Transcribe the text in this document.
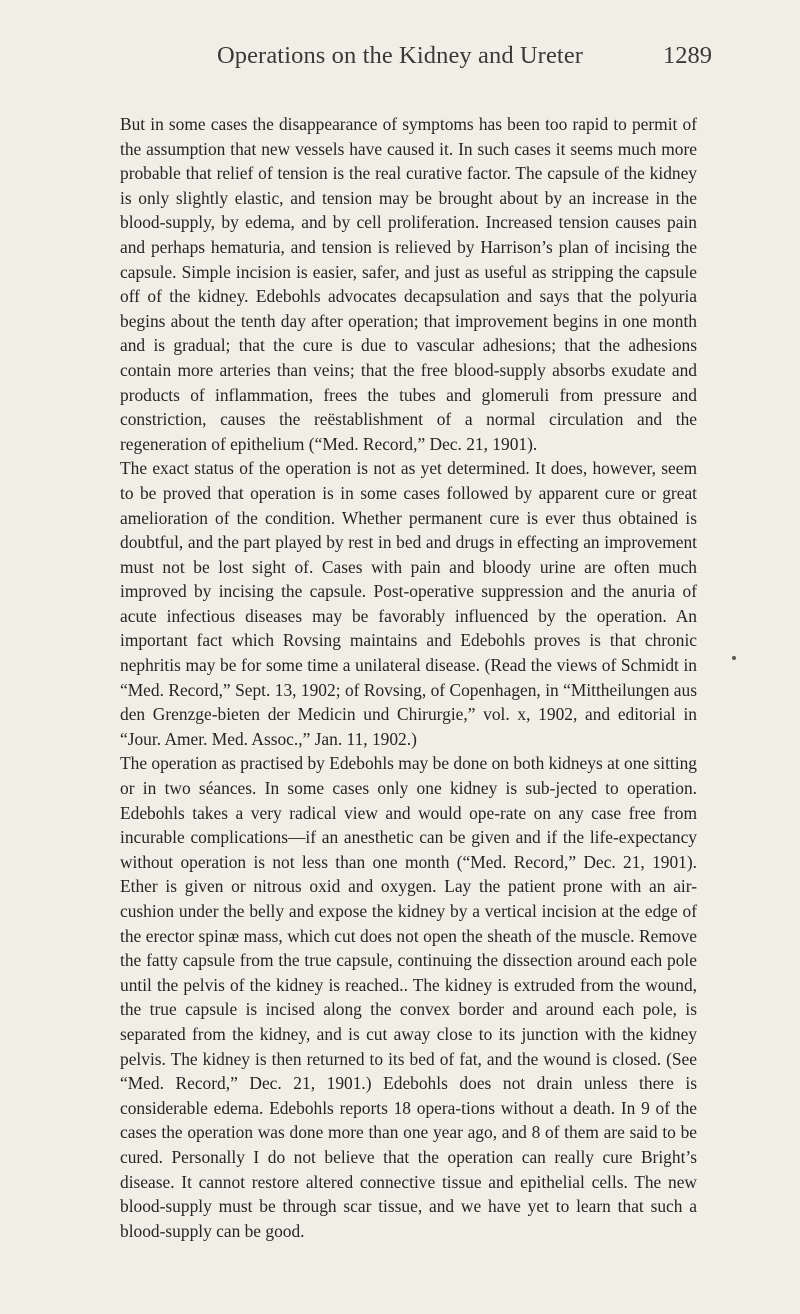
Operations on the Kidney and Ureter	1289

But in some cases the disappearance of symptoms has been too rapid to permit of the assumption that new vessels have caused it. In such cases it seems much more probable that relief of tension is the real curative factor. The capsule of the kidney is only slightly elastic, and tension may be brought about by an increase in the blood-supply, by edema, and by cell proliferation. Increased tension causes pain and perhaps hematuria, and tension is relieved by Harrison’s plan of incising the capsule. Simple incision is easier, safer, and just as useful as stripping the capsule off of the kidney. Edebohls advocates decapsulation and says that the polyuria begins about the tenth day after operation; that improvement begins in one month and is gradual; that the cure is due to vascular adhesions; that the adhesions contain more arteries than veins; that the free blood-supply absorbs exudate and products of inflammation, frees the tubes and glomeruli from pressure and constriction, causes the reëstablishment of a normal circulation and the regeneration of epithelium (“Med. Record,” Dec. 21, 1901).

The exact status of the operation is not as yet determined. It does, however, seem to be proved that operation is in some cases followed by apparent cure or great amelioration of the condition. Whether permanent cure is ever thus obtained is doubtful, and the part played by rest in bed and drugs in effecting an improvement must not be lost sight of. Cases with pain and bloody urine are often much improved by incising the capsule. Post-operative suppression and the anuria of acute infectious diseases may be favorably influenced by the operation. An important fact which Rovsing maintains and Edebohls proves is that chronic nephritis may be for some time a unilateral disease. (Read the views of Schmidt in “Med. Record,” Sept. 13, 1902; of Rovsing, of Copenhagen, in “Mittheilungen aus den Grenzge-bieten der Medicin und Chirurgie,” vol. x, 1902, and editorial in “Jour. Amer. Med. Assoc.,” Jan. 11, 1902.)

The operation as practised by Edebohls may be done on both kidneys at one sitting or in two séances. In some cases only one kidney is sub-jected to operation. Edebohls takes a very radical view and would ope-rate on any case free from incurable complications—if an anesthetic can be given and if the life-expectancy without operation is not less than one month (“Med. Record,” Dec. 21, 1901). Ether is given or nitrous oxid and oxygen. Lay the patient prone with an air-cushion under the belly and expose the kidney by a vertical incision at the edge of the erector spinæ mass, which cut does not open the sheath of the muscle. Remove the fatty capsule from the true capsule, continuing the dissection around each pole until the pelvis of the kidney is reached.. The kidney is extruded from the wound, the true capsule is incised along the convex border and around each pole, is separated from the kidney, and is cut away close to its junction with the kidney pelvis. The kidney is then returned to its bed of fat, and the wound is closed. (See “Med. Record,” Dec. 21, 1901.) Edebohls does not drain unless there is considerable edema. Edebohls reports 18 opera-tions without a death. In 9 of the cases the operation was done more than one year ago, and 8 of them are said to be cured. Personally I do not believe that the operation can really cure Bright’s disease. It cannot restore altered connective tissue and epithelial cells. The new blood-supply must be through scar tissue, and we have yet to learn that such a blood-supply can be good.
